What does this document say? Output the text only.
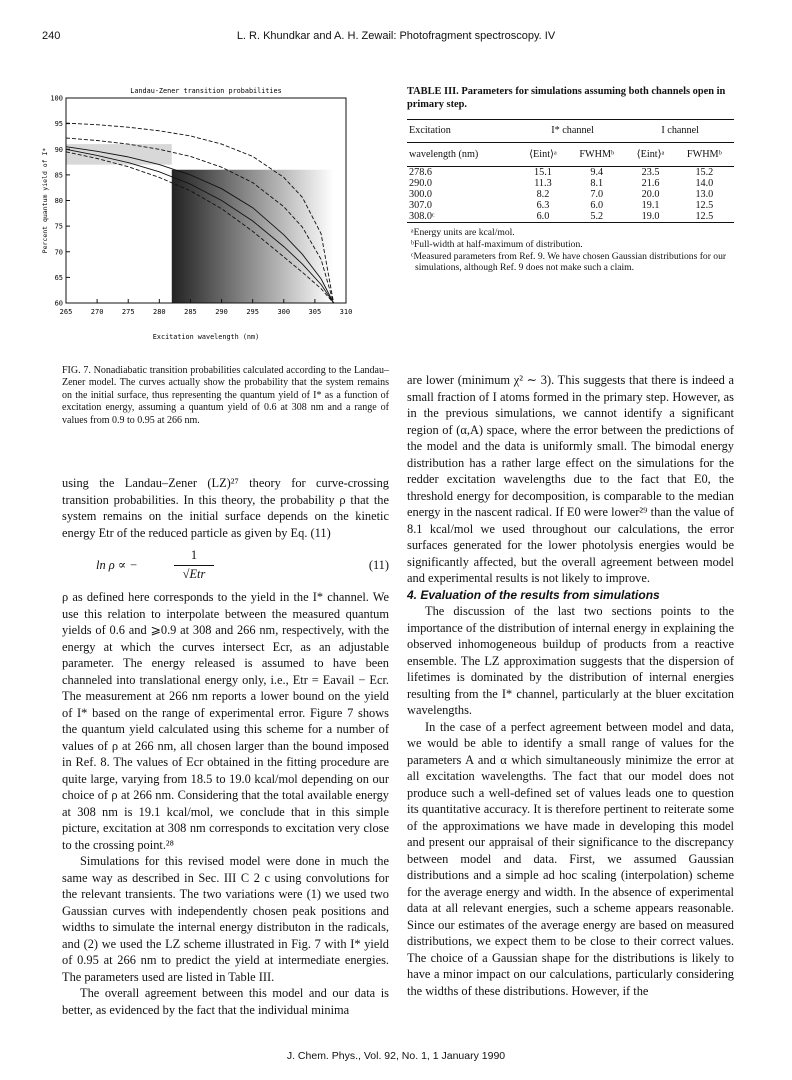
240	L. R. Khundkar and A. H. Zewail: Photofragment spectroscopy. IV
265	270	275	280	285	290	295	300	305	310
60
65
70
75
80
85
90
95
100
Landau-Zener transition probabilities
Excitation wavelength (nm)
Percent quantum yield of I*
FIG. 7. Nonadiabatic transition probabilities calculated according to the Landau–Zener model. The curves actually show the probability that the system remains on the initial surface, thus representing the quantum yield of I* as a function of excitation energy, assuming a quantum yield of 0.6 at 308 nm and a range of values from 0.9 to 0.95 at 266 nm.
TABLE III. Parameters for simulations assuming both channels open in primary step.

Excitation	I* channel		I channel	

wavelength (nm)	⟨Eint⟩ᵃ	FWHMᵇ	⟨Eint⟩ᵃ	FWHMᵇ

278.6	15.1	9.4	23.5	15.2
290.0	11.3	8.1	21.6	14.0
300.0	8.2	7.0	20.0	13.0
307.0	6.3	6.0	19.1	12.5
308.0ᶜ	6.0	5.2	19.0	12.5

ᵃEnergy units are kcal/mol.
ᵇFull-width at half-maximum of distribution.
ᶜMeasured parameters from Ref. 9. We have chosen Gaussian distributions for our simulations, although Ref. 9 does not make such a claim.

using the Landau–Zener (LZ)²⁷ theory for curve-crossing transition probabilities. In this theory, the probability ρ that the system remains on the initial surface depends on the kinetic energy Etr of the reduced particle as given by Eq. (11)

ln ρ ∝ −
1
√Etr
(11)

ρ as defined here corresponds to the yield in the I* channel. We use this relation to interpolate between the measured quantum yields of 0.6 and ⩾0.9 at 308 and 266 nm, respectively, with the energy at which the curves intersect Ecr, as an adjustable parameter. The energy released is assumed to have been channeled into translational energy only, i.e., Etr = Eavail − Ecr. The measurement at 266 nm reports a lower bound on the yield of I* based on the range of experimental error. Figure 7 shows the quantum yield calculated using this scheme for a number of values of ρ at 266 nm, all chosen larger than the bound imposed in Ref. 8. The values of Ecr obtained in the fitting procedure are quite large, varying from 18.5 to 19.0 kcal/mol depending on our choice of ρ at 266 nm. Considering that the total available energy at 308 nm is 19.1 kcal/mol, we conclude that in this simple picture, excitation at 308 nm corresponds to excitation very close to the crossing point.²⁸

Simulations for this revised model were done in much the same way as described in Sec. III C 2 c using convolutions for the relevant transients. The two variations were (1) we used two Gaussian curves with independently chosen peak positions and widths to simulate the internal energy distributon in the radicals, and (2) we used the LZ scheme illustrated in Fig. 7 with I* yield of 0.95 at 266 nm to predict the yield at intermediate energies. The parameters used are listed in Table III.

The overall agreement between this model and our data is better, as evidenced by the fact that the individual minima

are lower (minimum χ² ∼ 3). This suggests that there is indeed a small fraction of I atoms formed in the primary step. However, as in the previous simulations, we cannot identify a significant region of (α,A) space, where the error between the predictions of the model and the data is uniformly small. The bimodal energy distribution has a rather large effect on the simulations for the redder excitation wavelengths due to the fact that E0, the threshold energy for decomposition, is comparable to the median energy in the nascent radical. If E0 were lower²⁹ than the value of 8.1 kcal/mol we used throughout our calculations, the error surfaces generated for the lower photolysis energies would be significantly affected, but the overall agreement between model and experimental results is not likely to improve.

4. Evaluation of the results from simulations

The discussion of the last two sections points to the importance of the distribution of internal energy in explaining the observed inhomogeneous buildup of products from a reactive ensemble. The LZ approximation suggests that the dispersion of lifetimes is dominated by the distribution of internal energies resulting from the I* channel, particularly at the bluer excitation wavelengths.

In the case of a perfect agreement between model and data, we would be able to identify a small range of values for the parameters A and α which simultaneously minimize the error at all excitation wavelengths. The fact that our model does not produce such a well-defined set of values leads one to question its quantitative accuracy. It is therefore pertinent to reiterate some of the approximations we have made in developing this model and present our appraisal of their significance to the discrepancy between model and data. First, we assumed Gaussian distributions and a simple ad hoc scaling (interpolation) scheme for the average energy and width. In the absence of experimental data at all relevant energies, such a scheme appears reasonable. Since our estimates of the average energy are based on measured distributions, we expect them to be close to their correct values. The choice of a Gaussian shape for the distributions is likely to have a minor impact on our calculations, particularly considering the widths of these distributions. However, if the

J. Chem. Phys., Vol. 92, No. 1, 1 January 1990
